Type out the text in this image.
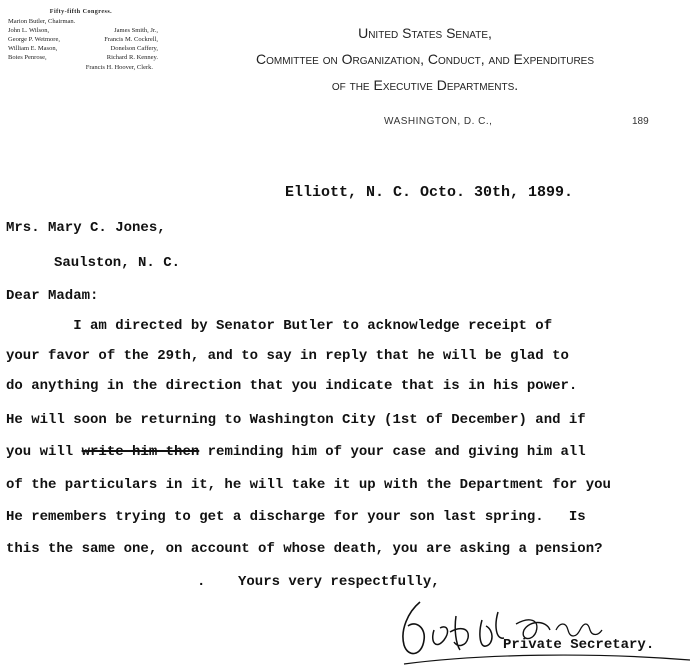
Fifty-fifth Congress.
Marion Butler, Chairman.
John L. Wilson,	James Smith, Jr.,
George P. Wetmore,	Francis M. Cockrell,
William E. Mason,	Donelson Caffery,
Boies Penrose,	Richard R. Kenney.
Francis H. Hoover, Clerk.
United States Senate,
Committee on Organization, Conduct, and Expenditures
of the Executive Departments.
WASHINGTON, D. C.,	189
Elliott, N. C. Octo. 30th, 1899.
Mrs. Mary C. Jones,
Saulston, N. C.
Dear Madam:
I am directed by Senator Butler to acknowledge receipt of
your favor of the 29th, and to say in reply that he will be glad to
do anything in the direction that you indicate that is in his power.
He will soon be returning to Washington City (1st of December) and if
you will write him then reminding him of your case and giving him all
of the particulars in it, he will take it up with the Department for you
He remembers trying to get a discharge for your son last spring.   Is
this the same one, on account of whose death, you are asking a pension?
. Yours very respectfully,
Private Secretary.
